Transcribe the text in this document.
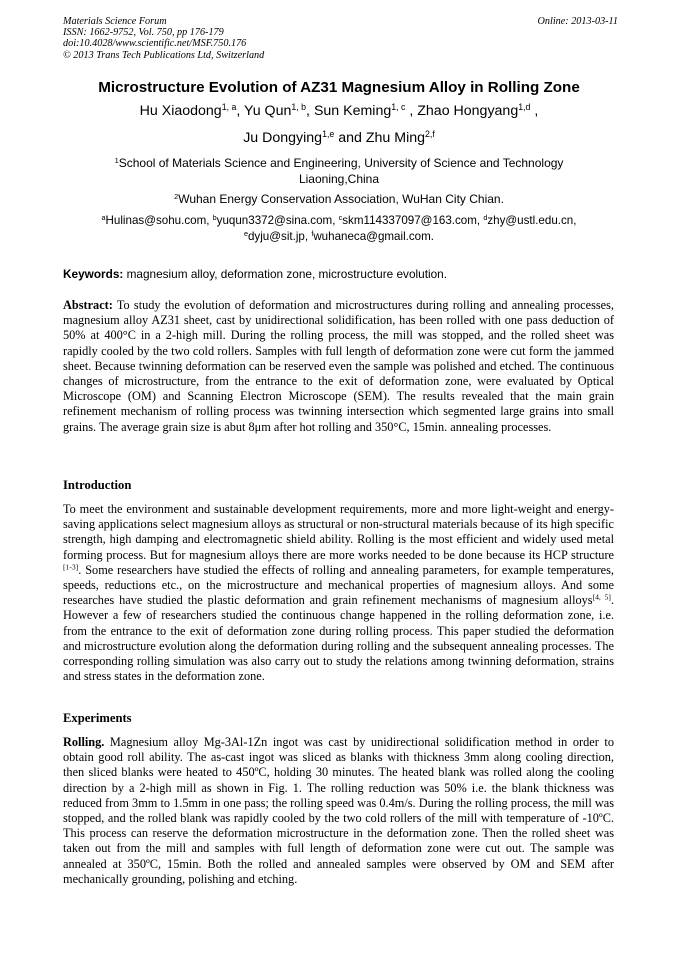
Materials Science Forum
ISSN: 1662-9752, Vol. 750, pp 176-179
doi:10.4028/www.scientific.net/MSF.750.176
© 2013 Trans Tech Publications Ltd, Switzerland
Online: 2013-03-11
Microstructure Evolution of AZ31 Magnesium Alloy in Rolling Zone
Hu Xiaodong$^{1, a}$, Yu Qun$^{1, b}$, Sun Keming$^{1, c}$ , Zhao Hongyang$^{1,d}$ ,
Ju Dongying$^{1,e}$ and Zhu Ming$^{2,f}$
$^1$School of Materials Science and Engineering, University of Science and Technology
Liaoning,China
$^2$Wuhan Energy Conservation Association, WuHan City Chian.
$^a$Hulinas@sohu.com, $^b$yuqun3372@sina.com, $^c$skm114337097@163.com, $^d$zhy@ustl.edu.cn,
$^e$dyju@sit.jp, $^f$wuhaneca@gmail.com.
Keywords: magnesium alloy, deformation zone, microstructure evolution.
Abstract: To study the evolution of deformation and microstructures during rolling and annealing processes, magnesium alloy AZ31 sheet, cast by unidirectional solidification, has been rolled with one pass deduction of 50% at 400°C in a 2-high mill. During the rolling process, the mill was stopped, and the rolled sheet was rapidly cooled by the two cold rollers. Samples with full length of deformation zone were cut form the jammed sheet. Because twinning deformation can be reserved even the sample was polished and etched. The continuous changes of microstructure, from the entrance to the exit of deformation zone, were evaluated by Optical Microscope (OM) and Scanning Electron Microscope (SEM). The results revealed that the main grain refinement mechanism of rolling process was twinning intersection which segmented large grains into small grains. The average grain size is abut 8μm after hot rolling and 350°C, 15min. annealing processes.
Introduction
To meet the environment and sustainable development requirements, more and more light-weight and energy-saving applications select magnesium alloys as structural or non-structural materials because of its high specific strength, high damping and electromagnetic shield ability. Rolling is the most efficient and widely used metal forming process. But for magnesium alloys there are more works needed to be done because its HCP structure [1-3]. Some researchers have studied the effects of rolling and annealing parameters, for example temperatures, speeds, reductions etc., on the microstructure and mechanical properties of magnesium alloys. And some researches have studied the plastic deformation and grain refinement mechanisms of magnesium alloys[4, 5]. However a few of researchers studied the continuous change happened in the rolling deformation zone, i.e. from the entrance to the exit of deformation zone during rolling process. This paper studied the deformation and microstructure evolution along the deformation during rolling and the subsequent annealing processes. The corresponding rolling simulation was also carry out to study the relations among twinning deformation, strains and stress states in the deformation zone.
Experiments
Rolling. Magnesium alloy Mg-3Al-1Zn ingot was cast by unidirectional solidification method in order to obtain good roll ability. The as-cast ingot was sliced as blanks with thickness 3mm along cooling direction, then sliced blanks were heated to 450ºC, holding 30 minutes. The heated blank was rolled along the cooling direction by a 2-high mill as shown in Fig. 1. The rolling reduction was 50% i.e. the blank thickness was reduced from 3mm to 1.5mm in one pass; the rolling speed was 0.4m/s. During the rolling process, the mill was stopped, and the rolled blank was rapidly cooled by the two cold rollers of the mill with temperature of -10ºC. This process can reserve the deformation microstructure in the deformation zone. Then the rolled sheet was taken out from the mill and samples with full length of deformation zone were cut out. The sample was annealed at 350ºC, 15min. Both the rolled and annealed samples were observed by OM and SEM after mechanically grounding, polishing and etching.
